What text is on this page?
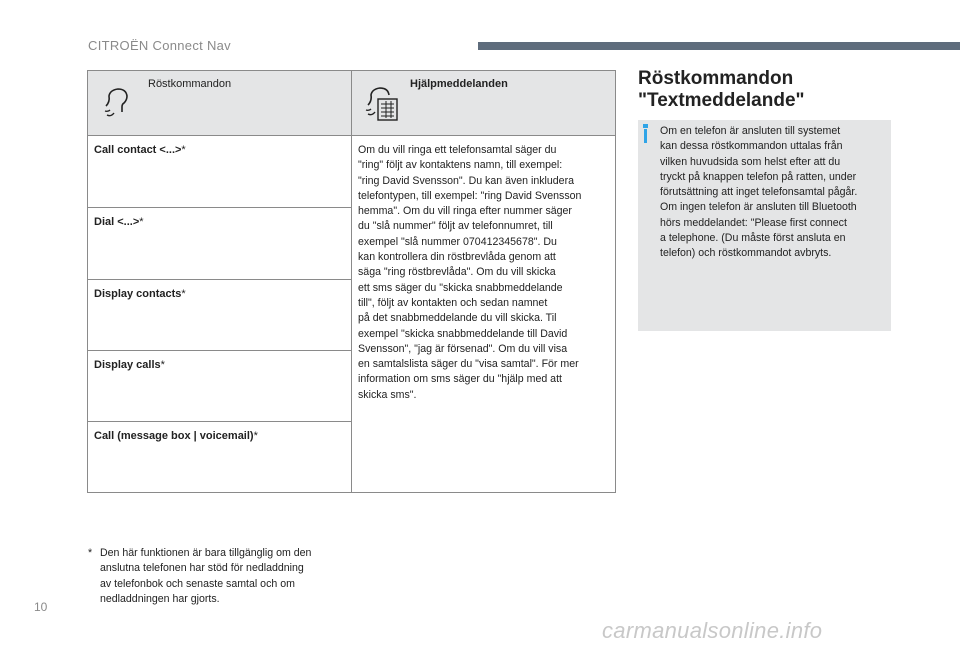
CITROËN Connect Nav
Röstkommandon	Hjälpmeddelanden
Call contact <...>*
Dial <...>*
Display contacts*
Display calls*
Call (message box | voicemail)*

Om du vill ringa ett telefonsamtal säger du
"ring" följt av kontaktens namn, till exempel:
"ring David Svensson". Du kan även inkludera
telefontypen, till exempel: "ring David Svensson
hemma". Om du vill ringa efter nummer säger
du "slå nummer" följt av telefonnumret, till
exempel "slå nummer 070412345678". Du
kan kontrollera din röstbrevlåda genom att
säga "ring röstbrevlåda". Om du vill skicka
ett sms säger du "skicka snabbmeddelande
till", följt av kontakten och sedan namnet
på det snabbmeddelande du vill skicka. Til
exempel "skicka snabbmeddelande till David
Svensson", "jag är försenad". Om du vill visa
en samtalslista säger du "visa samtal". För mer
information om sms säger du "hjälp med att
skicka sms".

* Den här funktionen är bara tillgänglig om den
anslutna telefonen har stöd för nedladdning
av telefonbok och senaste samtal och om
nedladdningen har gjorts.
10
Röstkommandon
"Textmeddelande"

Om en telefon är ansluten till systemet
kan dessa röstkommandon uttalas från
vilken huvudsida som helst efter att du
tryckt på knappen telefon på ratten, under
förutsättning att inget telefonsamtal pågår.
Om ingen telefon är ansluten till Bluetooth
hörs meddelandet: "Please first connect
a telephone. (Du måste först ansluta en
telefon) och röstkommandot avbryts.

carmanualsonline.info
